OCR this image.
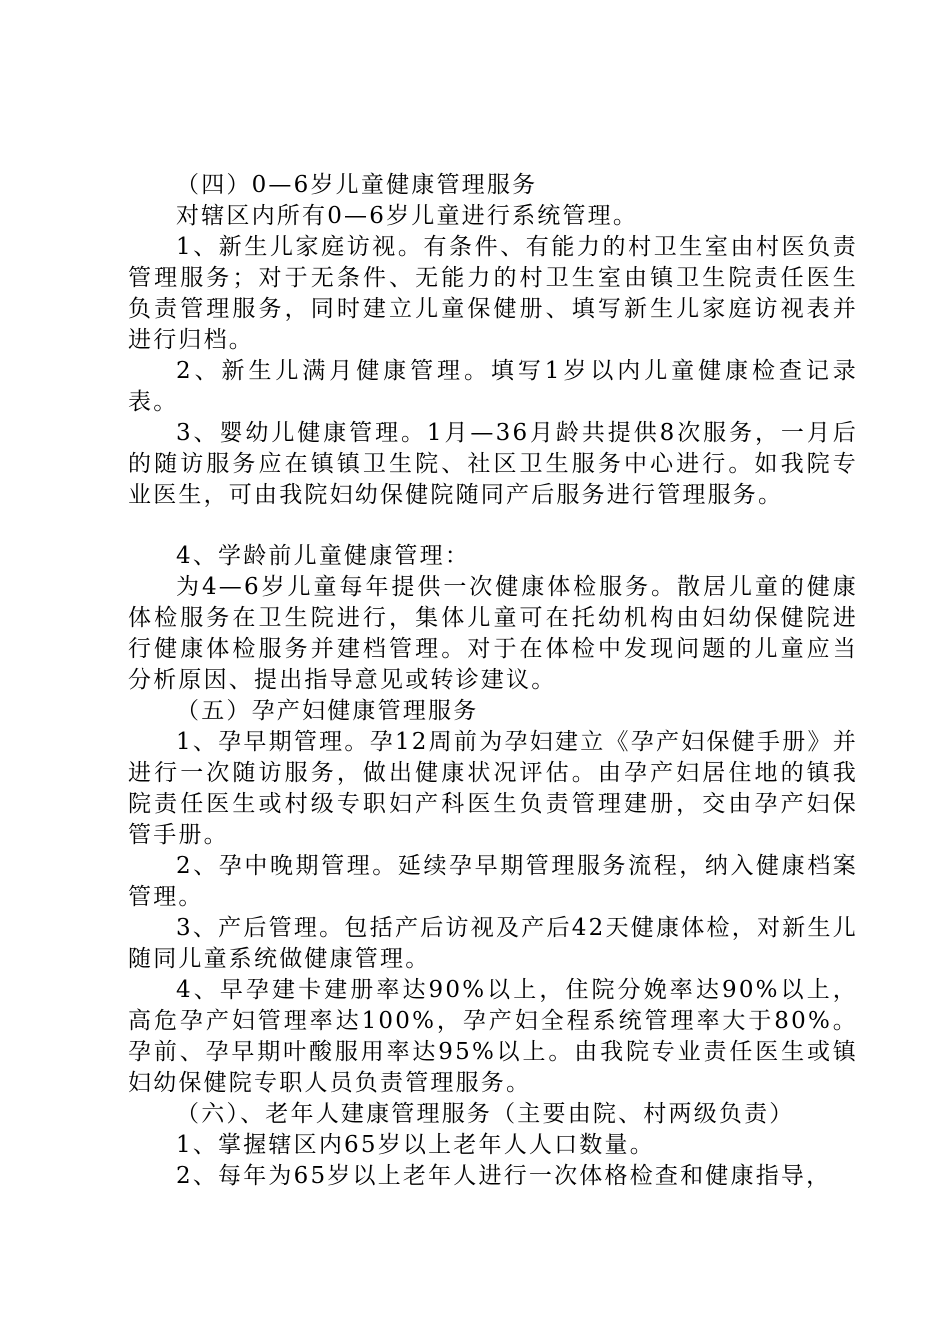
（四）0—6岁儿童健康管理服务

对辖区内所有0—6岁儿童进行系统管理。

1、新生儿家庭访视。有条件、有能力的村卫生室由村医负责管理服务；对于无条件、无能力的村卫生室由镇卫生院责任医生负责管理服务，同时建立儿童保健册、填写新生儿家庭访视表并进行归档。

2、新生儿满月健康管理。填写1岁以内儿童健康检查记录表。

3、婴幼儿健康管理。1月—36月龄共提供8次服务，一月后的随访服务应在镇镇卫生院、社区卫生服务中心进行。如我院专业医生，可由我院妇幼保健院随同产后服务进行管理服务。

4、学龄前儿童健康管理：

为4—6岁儿童每年提供一次健康体检服务。散居儿童的健康体检服务在卫生院进行，集体儿童可在托幼机构由妇幼保健院进行健康体检服务并建档管理。对于在体检中发现问题的儿童应当分析原因、提出指导意见或转诊建议。

（五）孕产妇健康管理服务

1、孕早期管理。孕12周前为孕妇建立《孕产妇保健手册》并进行一次随访服务，做出健康状况评估。由孕产妇居住地的镇我院责任医生或村级专职妇产科医生负责管理建册，交由孕产妇保管手册。

2、孕中晚期管理。延续孕早期管理服务流程，纳入健康档案管理。

3、产后管理。包括产后访视及产后42天健康体检，对新生儿随同儿童系统做健康管理。

4、早孕建卡建册率达90%以上，住院分娩率达90%以上，高危孕产妇管理率达100%，孕产妇全程系统管理率大于80%。孕前、孕早期叶酸服用率达95%以上。由我院专业责任医生或镇妇幼保健院专职人员负责管理服务。

（六）、老年人建康管理服务（主要由院、村两级负责）

1、掌握辖区内65岁以上老年人人口数量。

2、每年为65岁以上老年人进行一次体格检查和健康指导，
